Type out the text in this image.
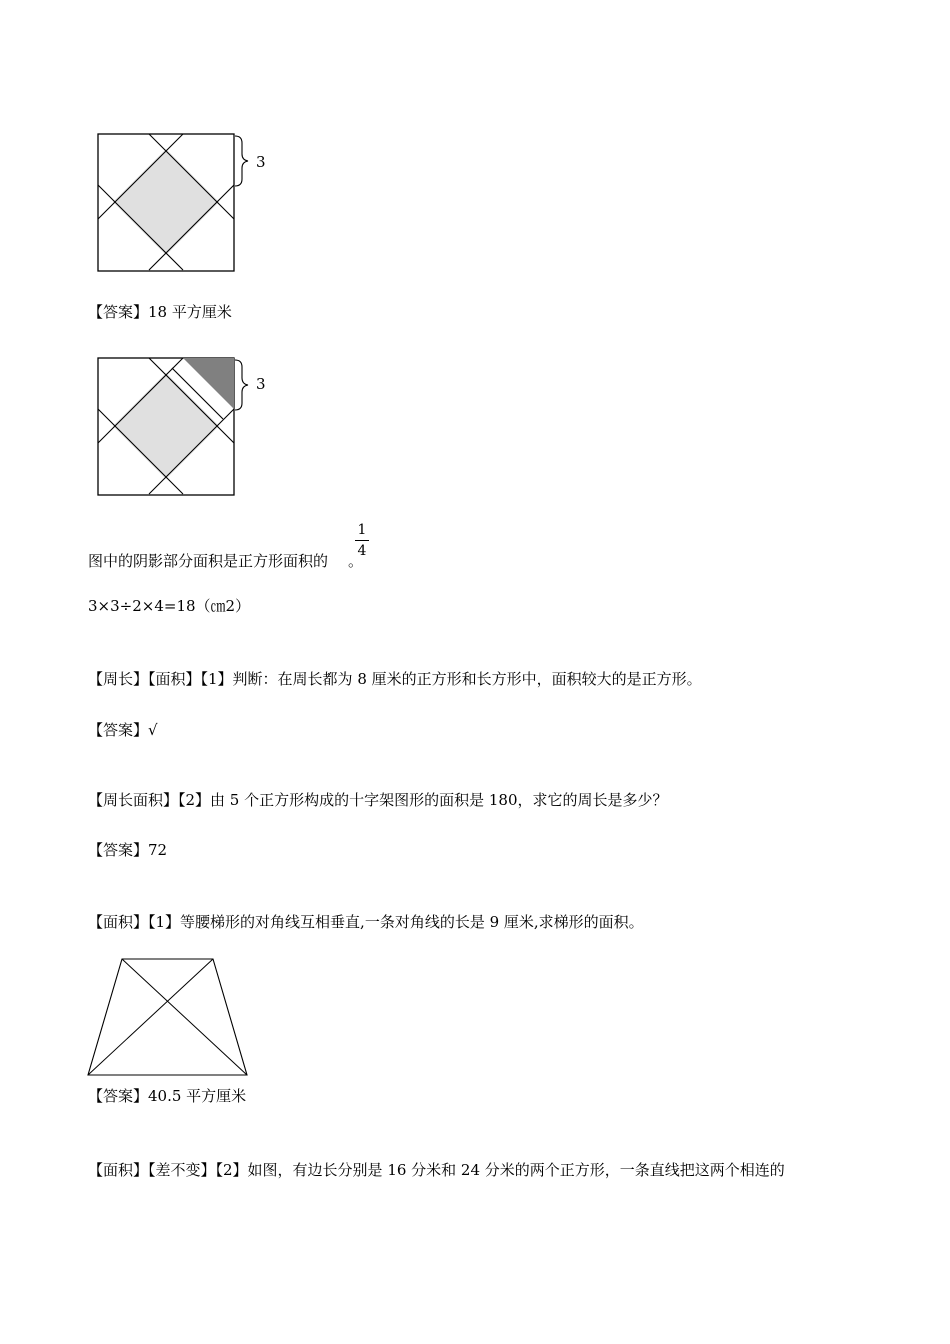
3
【答案】18 平方厘米
3
图中的阴影部分面积是正方形面积的 。
1
4
3×3÷2×4=18（㎝2）
【周长】【面积】【1】判断：在周长都为 8 厘米的正方形和长方形中，面积较大的是正方形。
【答案】√
【周长面积】【2】由 5 个正方形构成的十字架图形的面积是 180，求它的周长是多少？
【答案】72
【面积】【1】等腰梯形的对角线互相垂直,一条对角线的长是 9 厘米,求梯形的面积。
【答案】40.5 平方厘米
【面积】【差不变】【2】如图，有边长分别是 16 分米和 24 分米的两个正方形，一条直线把这两个相连的
